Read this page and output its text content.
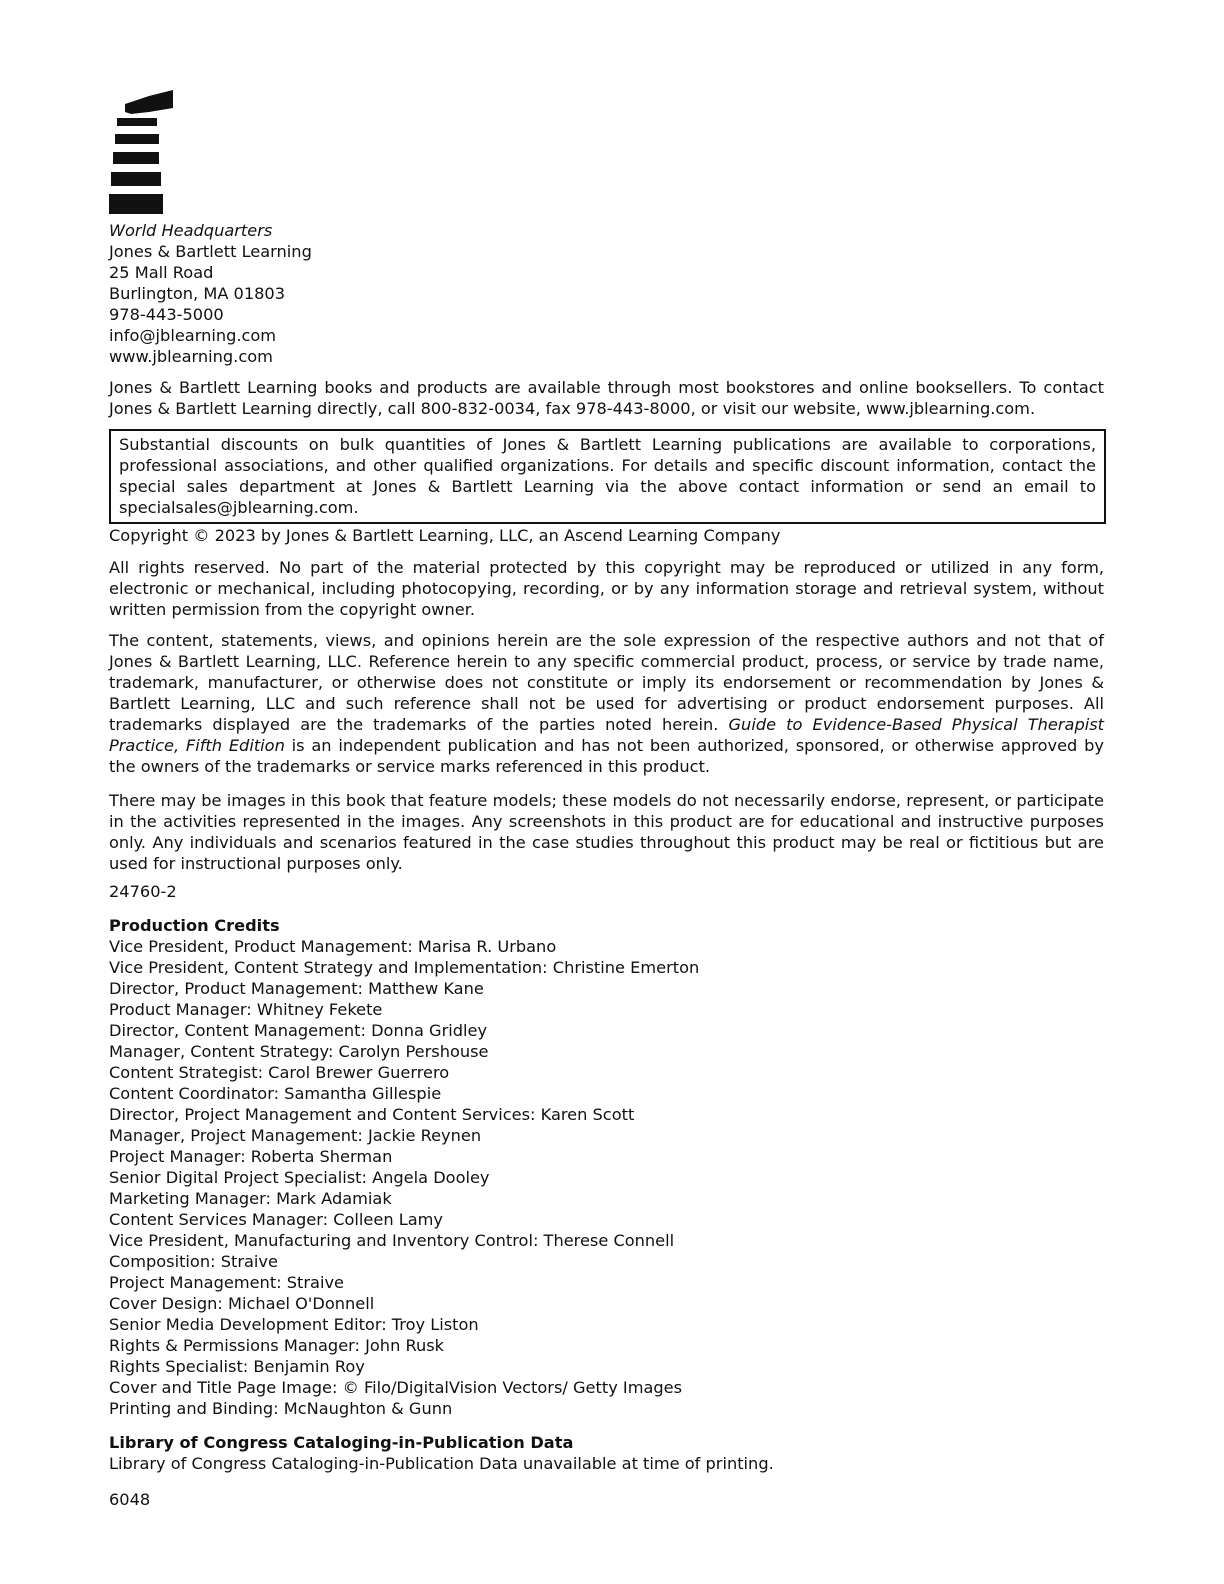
World Headquarters
Jones & Bartlett Learning
25 Mall Road
Burlington, MA 01803
978-443-5000
info@jblearning.com
www.jblearning.com

Jones & Bartlett Learning books and products are available through most bookstores and online booksellers. To contact Jones & Bartlett Learning directly, call 800-832-0034, fax 978-443-8000, or visit our website, www.jblearning.com.

Substantial discounts on bulk quantities of Jones & Bartlett Learning publications are available to corporations, professional associations, and other qualified organizations. For details and specific discount information, contact the special sales department at Jones & Bartlett Learning via the above contact information or send an email to specialsales@jblearning.com.

Copyright © 2023 by Jones & Bartlett Learning, LLC, an Ascend Learning Company

All rights reserved. No part of the material protected by this copyright may be reproduced or utilized in any form, electronic or mechanical, including photocopying, recording, or by any information storage and retrieval system, without written permission from the copyright owner.

The content, statements, views, and opinions herein are the sole expression of the respective authors and not that of Jones & Bartlett Learning, LLC. Reference herein to any specific commercial product, process, or service by trade name, trademark, manufacturer, or otherwise does not constitute or imply its endorsement or recommendation by Jones & Bartlett Learning, LLC and such reference shall not be used for advertising or product endorsement purposes. All trademarks displayed are the trademarks of the parties noted herein. Guide to Evidence-Based Physical Therapist Practice, Fifth Edition is an independent publication and has not been authorized, sponsored, or otherwise approved by the owners of the trademarks or service marks referenced in this product.

There may be images in this book that feature models; these models do not necessarily endorse, represent, or participate in the activities represented in the images. Any screenshots in this product are for educational and instructive purposes only. Any individuals and scenarios featured in the case studies throughout this product may be real or fictitious but are used for instructional purposes only.

24760-2
Production Credits
Vice President, Product Management: Marisa R. Urbano
Vice President, Content Strategy and Implementation: Christine Emerton
Director, Product Management: Matthew Kane
Product Manager: Whitney Fekete
Director, Content Management: Donna Gridley
Manager, Content Strategy: Carolyn Pershouse
Content Strategist: Carol Brewer Guerrero
Content Coordinator: Samantha Gillespie
Director, Project Management and Content Services: Karen Scott
Manager, Project Management: Jackie Reynen
Project Manager: Roberta Sherman
Senior Digital Project Specialist: Angela Dooley
Marketing Manager: Mark Adamiak
Content Services Manager: Colleen Lamy
Vice President, Manufacturing and Inventory Control: Therese Connell
Composition: Straive
Project Management: Straive
Cover Design: Michael O'Donnell
Senior Media Development Editor: Troy Liston
Rights & Permissions Manager: John Rusk
Rights Specialist: Benjamin Roy
Cover and Title Page Image: © Filo/DigitalVision Vectors/ Getty Images
Printing and Binding: McNaughton & Gunn
Library of Congress Cataloging-in-Publication Data
Library of Congress Cataloging-in-Publication Data unavailable at time of printing.
6048
